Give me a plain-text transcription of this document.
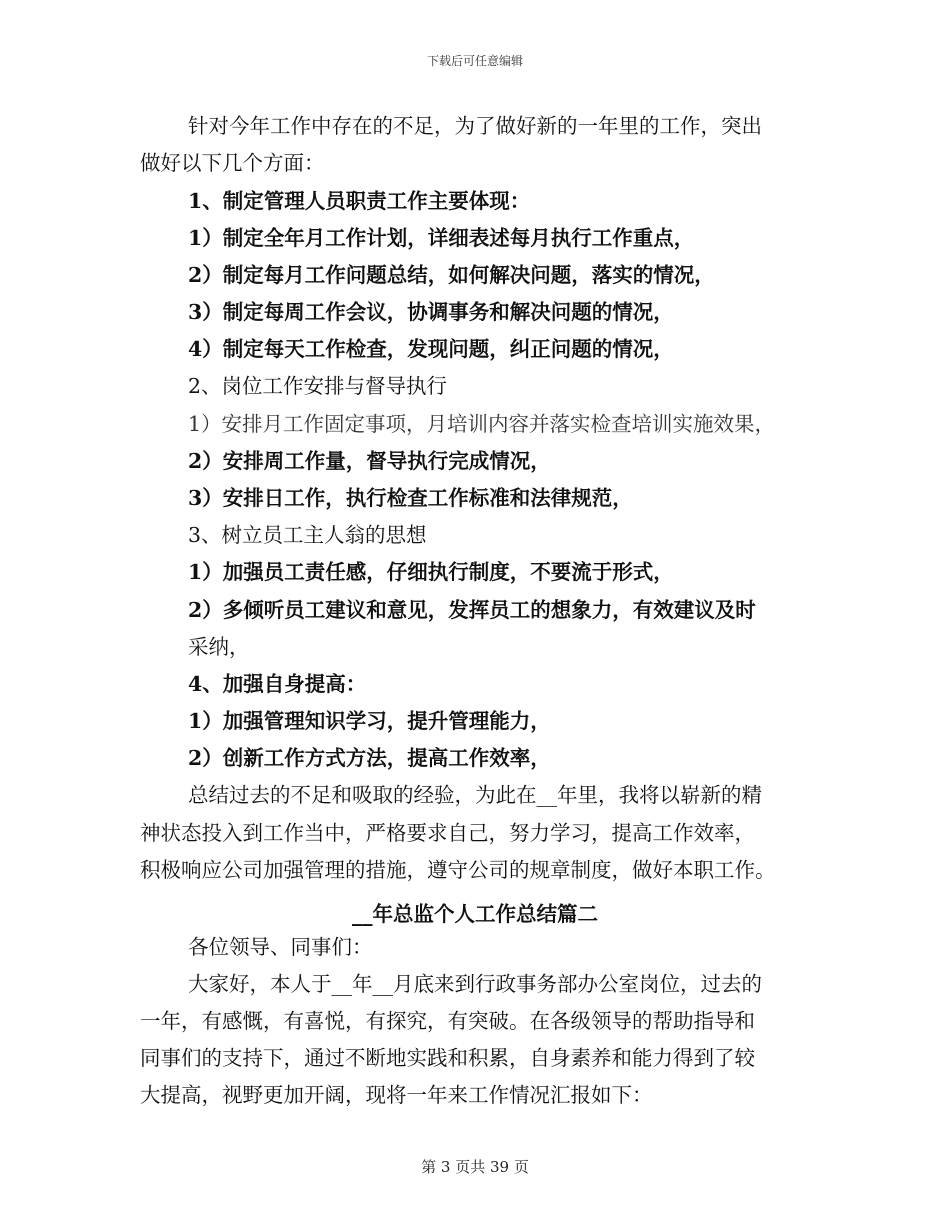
下载后可任意编辑
针对今年工作中存在的不足，为了做好新的一年里的工作，突出
做好以下几个方面：
1、制定管理人员职责工作主要体现：
1）制定全年月工作计划，详细表述每月执行工作重点，
2）制定每月工作问题总结，如何解决问题，落实的情况，
3）制定每周工作会议，协调事务和解决问题的情况，
4）制定每天工作检查，发现问题，纠正问题的情况，
2、岗位工作安排与督导执行
1）安排月工作固定事项，月培训内容并落实检查培训实施效果，
2）安排周工作量，督导执行完成情况，
3）安排日工作，执行检查工作标准和法律规范，
3、树立员工主人翁的思想
1）加强员工责任感，仔细执行制度，不要流于形式，
2）多倾听员工建议和意见，发挥员工的想象力，有效建议及时
采纳，
4、加强自身提高：
1）加强管理知识学习，提升管理能力，
2）创新工作方式方法，提高工作效率，
总结过去的不足和吸取的经验，为此在__年里，我将以崭新的精
神状态投入到工作当中，严格要求自己，努力学习，提高工作效率，
积极响应公司加强管理的措施，遵守公司的规章制度，做好本职工作。
__年总监个人工作总结篇二
各位领导、同事们：
大家好，本人于__年__月底来到行政事务部办公室岗位，过去的
一年，有感慨，有喜悦，有探究，有突破。在各级领导的帮助指导和
同事们的支持下，通过不断地实践和积累，自身素养和能力得到了较
大提高，视野更加开阔，现将一年来工作情况汇报如下：
第 3 页共 39 页
